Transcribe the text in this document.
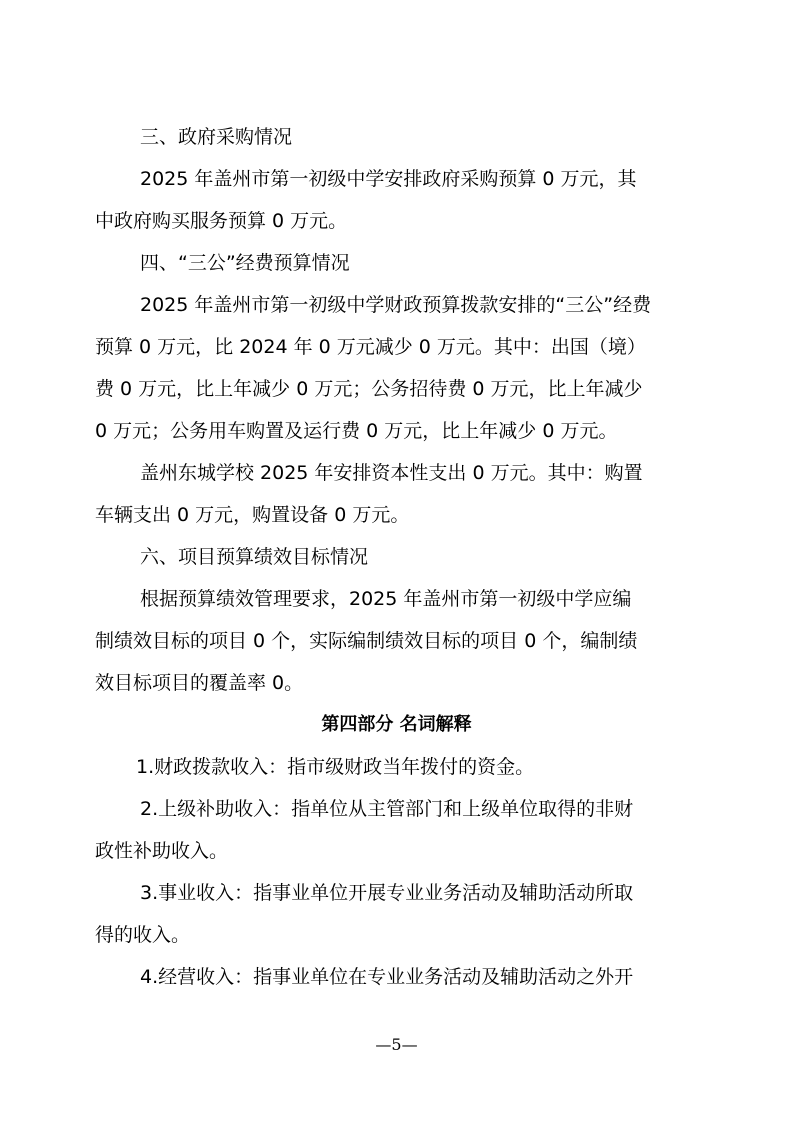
三、政府采购情况
2025 年盖州市第一初级中学安排政府采购预算 0 万元，其
中政府购买服务预算 0 万元。
四、“三公”经费预算情况
2025 年盖州市第一初级中学财政预算拨款安排的“三公”经费
预算 0 万元，比 2024 年 0 万元减少 0 万元。其中：出国（境）
费 0 万元，比上年减少 0 万元；公务招待费 0 万元，比上年减少
0 万元；公务用车购置及运行费 0 万元，比上年减少 0 万元。
盖州东城学校 2025 年安排资本性支出 0 万元。其中：购置
车辆支出 0 万元，购置设备 0 万元。
六、项目预算绩效目标情况
根据预算绩效管理要求，2025 年盖州市第一初级中学应编
制绩效目标的项目 0 个，实际编制绩效目标的项目 0 个，编制绩
效目标项目的覆盖率 0。
第四部分 名词解释
1.财政拨款收入：指市级财政当年拨付的资金。
2.上级补助收入：指单位从主管部门和上级单位取得的非财
政性补助收入。
3.事业收入：指事业单位开展专业业务活动及辅助活动所取
得的收入。
4.经营收入：指事业单位在专业业务活动及辅助活动之外开
—5—
